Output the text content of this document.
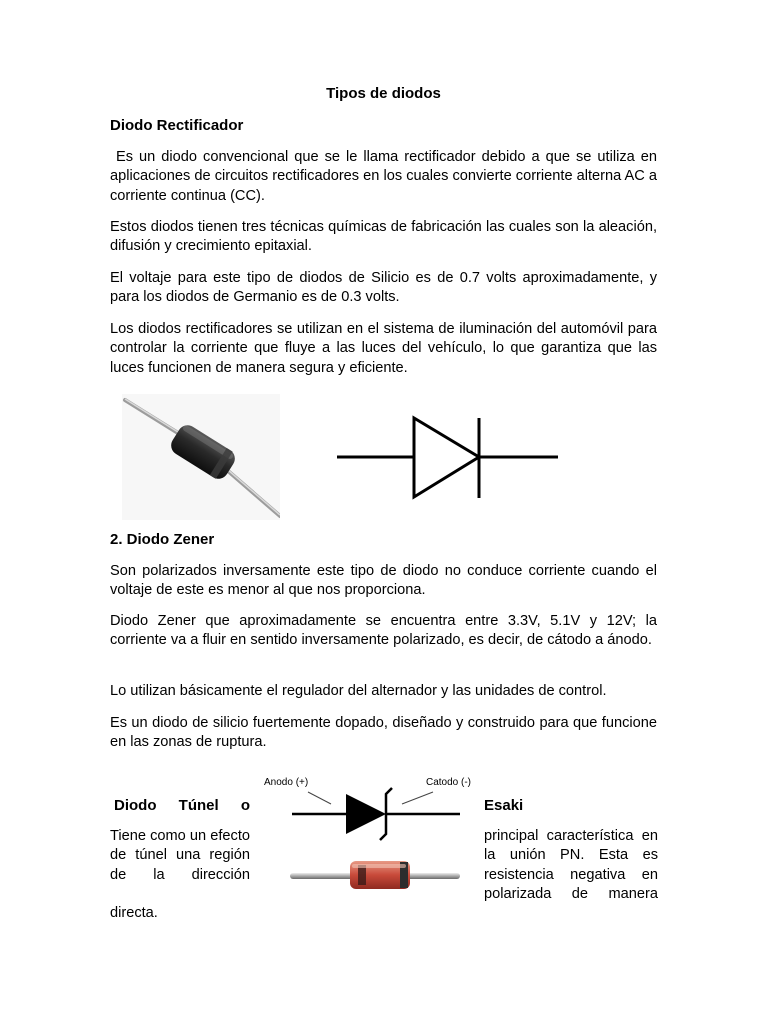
Tipos de diodos
Diodo Rectificador

Es un diodo convencional que se le llama rectificador debido a que se utiliza en aplicaciones de circuitos rectificadores en los cuales convierte corriente alterna AC a corriente continua (CC).

Estos diodos tienen tres técnicas químicas de fabricación las cuales son la aleación, difusión y crecimiento epitaxial.

El voltaje para este tipo de diodos de Silicio es de 0.7 volts aproximadamente, y para los diodos de Germanio es de 0.3 volts.

Los diodos rectificadores se utilizan en el sistema de iluminación del automóvil para controlar la corriente que fluye a las luces del vehículo, lo que garantiza que las luces funcionen de manera segura y eficiente.

2. Diodo Zener

Son polarizados inversamente este tipo de diodo no conduce corriente cuando el voltaje de este es menor al que nos proporciona.

Diodo Zener que aproximadamente se encuentra entre 3.3V, 5.1V y 12V; la corriente va a fluir en sentido inversamente polarizado, es decir, de cátodo a ánodo.

Lo utilizan básicamente el regulador del alternador y las unidades de control.

Es un diodo de silicio fuertemente dopado, diseñado y construido para que funcione en las zonas de ruptura.

Diodo Túnel o	Esaki

Tiene como un efecto de túnel una región de la dirección

principal característica en la unión PN. Esta es resistencia negativa en polarizada de manera

directa.

Anodo (+)	Catodo (-)
